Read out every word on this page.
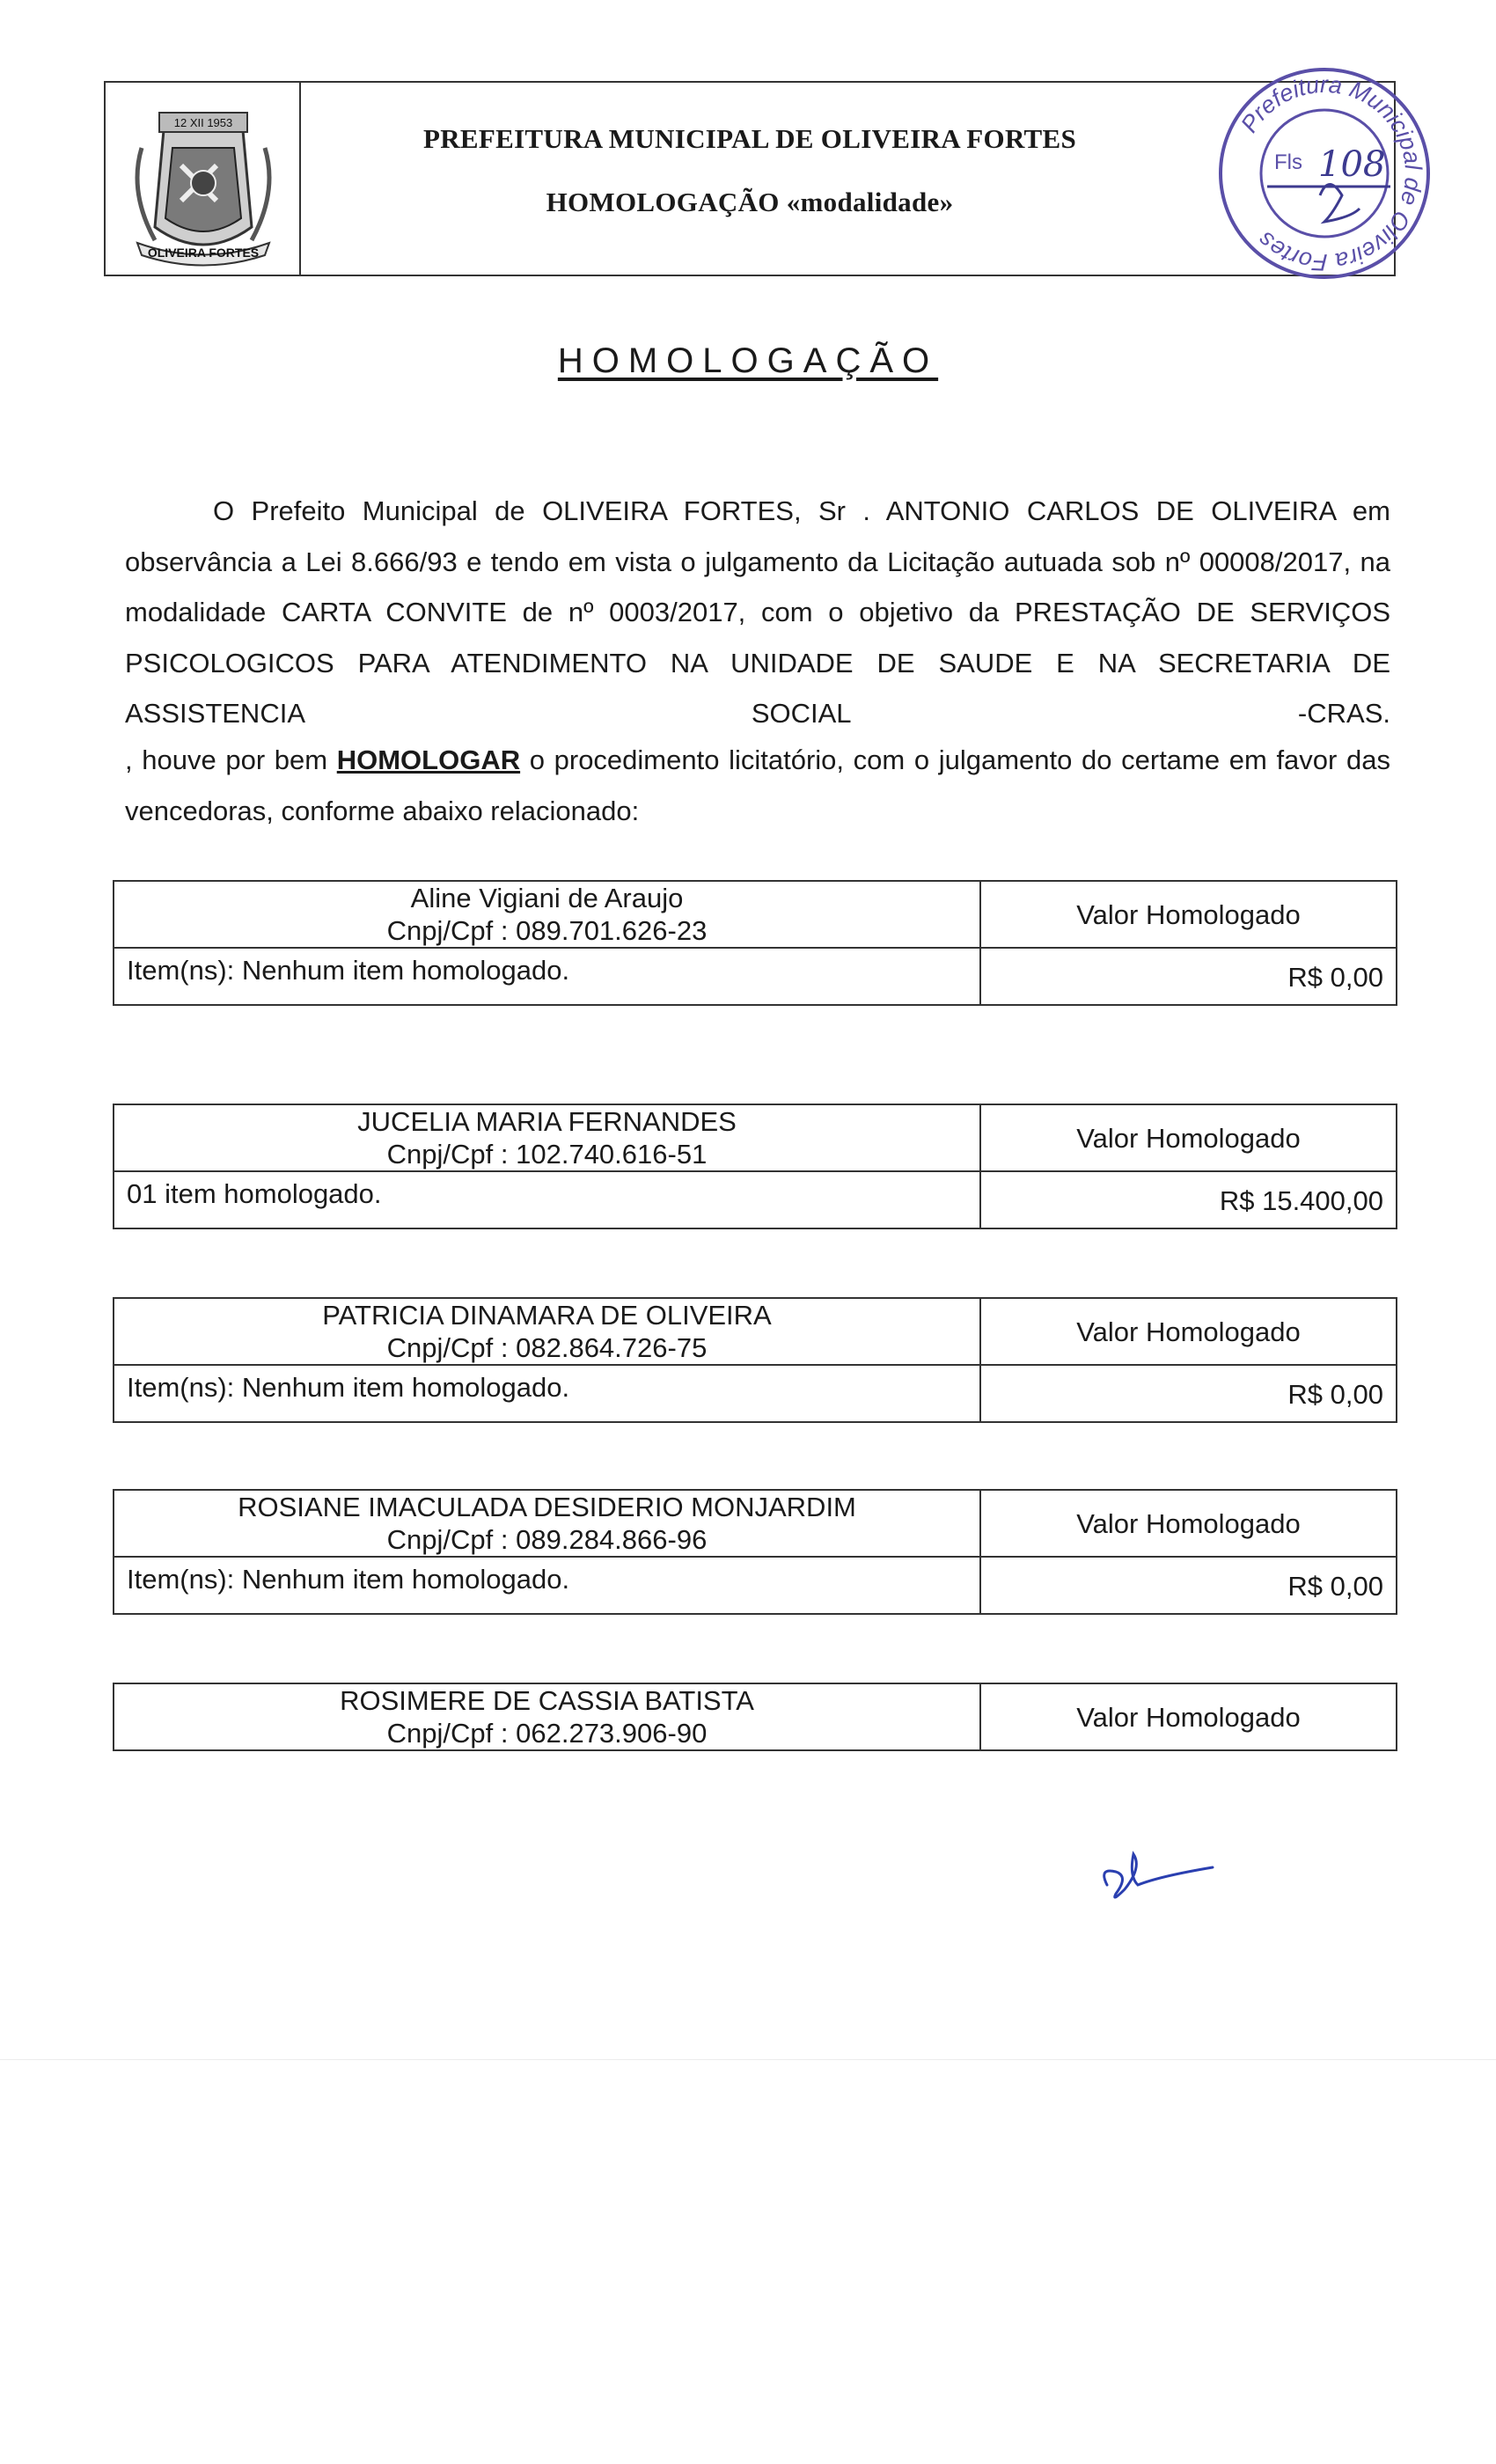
12 XII 1953
OLIVEIRA FORTES
PREFEITURA MUNICIPAL DE OLIVEIRA FORTES
HOMOLOGAÇÃO «modalidade»
Prefeitura Municipal de Oliveira Fortes
Fls 108
HOMOLOGAÇÃO
O Prefeito Municipal de OLIVEIRA FORTES, Sr . ANTONIO CARLOS DE OLIVEIRA em observância a Lei 8.666/93 e tendo em vista o julgamento da Licitação autuada sob nº 00008/2017, na modalidade CARTA CONVITE de nº 0003/2017, com o objetivo da PRESTAÇÃO DE SERVIÇOS PSICOLOGICOS PARA ATENDIMENTO NA UNIDADE DE SAUDE E NA SECRETARIA DE ASSISTENCIA SOCIAL -CRAS.
, houve por bem HOMOLOGAR o procedimento licitatório, com o julgamento do certame em favor das vencedoras, conforme abaixo relacionado:
Aline Vigiani de Araujo
Cnpj/Cpf : 089.701.626-23
Valor Homologado
Item(ns): Nenhum item homologado.	R$ 0,00
JUCELIA MARIA FERNANDES
Cnpj/Cpf : 102.740.616-51
Valor Homologado
01 item homologado.	R$ 15.400,00
PATRICIA DINAMARA DE OLIVEIRA
Cnpj/Cpf : 082.864.726-75
Valor Homologado
Item(ns): Nenhum item homologado.	R$ 0,00
ROSIANE IMACULADA DESIDERIO MONJARDIM
Cnpj/Cpf : 089.284.866-96
Valor Homologado
Item(ns): Nenhum item homologado.	R$ 0,00
ROSIMERE DE CASSIA BATISTA
Cnpj/Cpf : 062.273.906-90
Valor Homologado
